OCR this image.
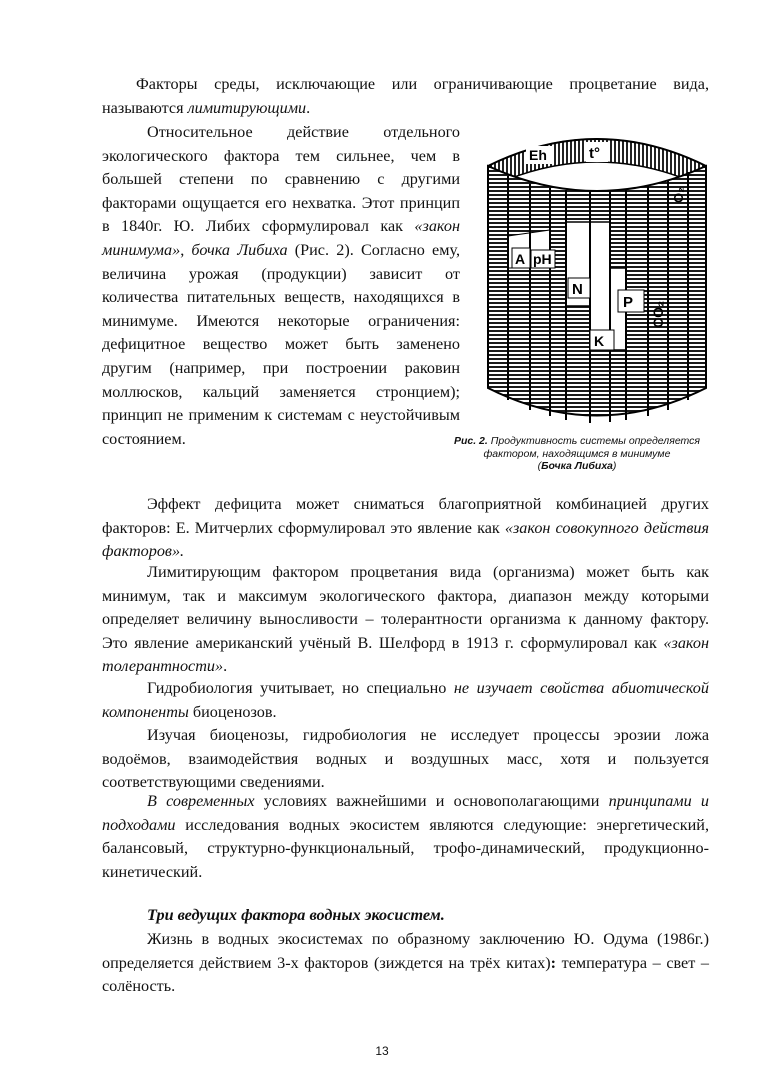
Факторы среды, исключающие или ограничивающие процветание вида, называются лимитирующими.

Относительное действие отдельного экологического фактора тем сильнее, чем в большей степени по сравнению с другими факторами ощущается его нехватка. Этот принцип в 1840г. Ю. Либих сформулировал как «закон минимума», бочка Либиха (Рис. 2). Согласно ему, величина урожая (продукции) зависит от количества питательных веществ, находящихся в минимуме. Имеются некоторые ограничения: дефицитное вещество может быть заменено другим (например, при построении раковин моллюсков, кальций заменяется стронцием); принцип не применим к системам с неустойчивым состоянием.

Eh	t°
O₂
A pH
N
P CO₂
K
Рис. 2. Продуктивность системы определяется фактором, находящимся в минимуме
(Бочка Либиха)

Эффект дефицита может сниматься благоприятной комбинацией других факторов: Е. Митчерлих сформулировал это явление как «закон совокупного действия факторов».

Лимитирующим фактором процветания вида (организма) может быть как минимум, так и максимум экологического фактора, диапазон между которыми определяет величину выносливости – толерантности организма к данному фактору. Это явление американский учёный В. Шелфорд в 1913 г. сформулировал как «закон толерантности».

Гидробиология учитывает, но специально не изучает свойства абиотической компоненты биоценозов.

Изучая биоценозы, гидробиология не исследует процессы эрозии ложа водоёмов, взаимодействия водных и воздушных масс, хотя и пользуется соответствующими сведениями.

В современных условиях важнейшими и основополагающими принципами и подходами исследования водных экосистем являются следующие: энергетический, балансовый, структурно-функциональный, трофо-динамический, продукционно-кинетический.

Три ведущих фактора водных экосистем.

Жизнь в водных экосистемах по образному заключению Ю. Одума (1986г.) определяется действием 3-х факторов (зиждется на трёх китах): температура – свет – солёность.

13
